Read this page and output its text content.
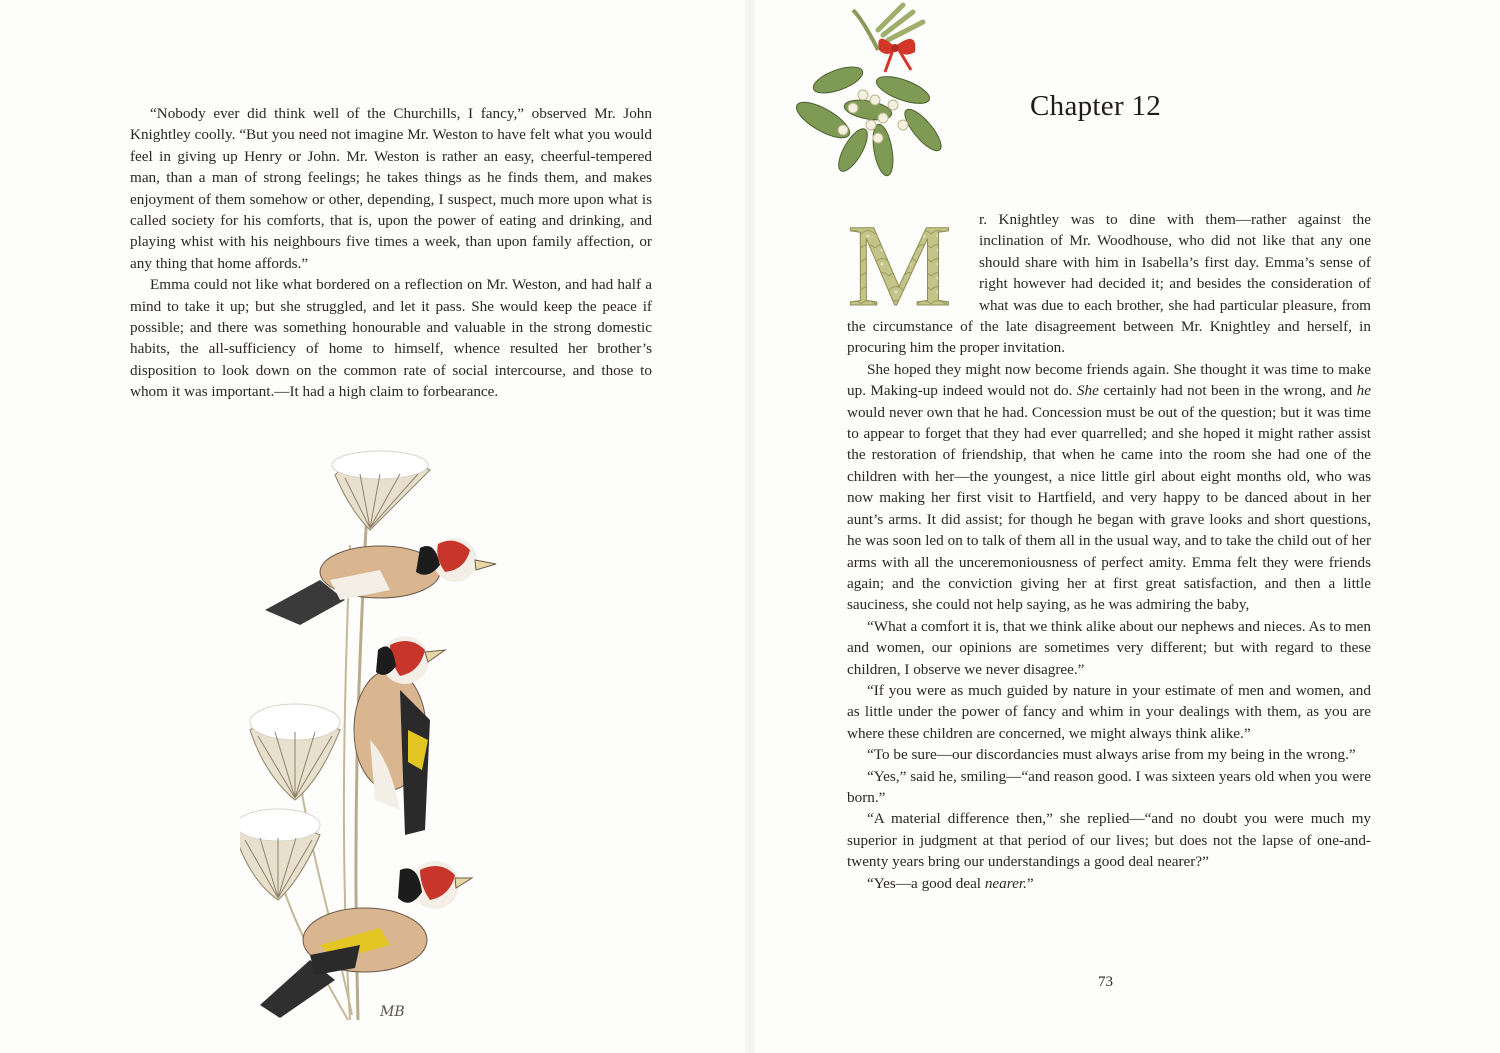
“Nobody ever did think well of the Churchills, I fancy,” observed Mr. John Knightley coolly. “But you need not imagine Mr. Weston to have felt what you would feel in giving up Henry or John. Mr. Weston is rather an easy, cheerful-tempered man, than a man of strong feelings; he takes things as he finds them, and makes enjoyment of them somehow or other, depending, I suspect, much more upon what is called society for his comforts, that is, upon the power of eating and drinking, and playing whist with his neighbours five times a week, than upon family affection, or any thing that home affords.”

Emma could not like what bordered on a reflection on Mr. Weston, and had half a mind to take it up; but she struggled, and let it pass. She would keep the peace if possible; and there was something honourable and valuable in the strong domestic habits, the all-sufficiency of home to himself, whence resulted her brother’s disposition to look down on the common rate of social intercourse, and those to whom it was important.—It had a high claim to forbearance.

MB
Chapter 12

M r. Knightley was to dine with them—rather against the inclination of Mr. Woodhouse, who did not like that any one should share with him in Isabella’s first day. Emma’s sense of right however had decided it; and besides the consideration of what was due to each brother, she had particular pleasure, from the circumstance of the late disagreement between Mr. Knightley and herself, in procuring him the proper invitation.

She hoped they might now become friends again. She thought it was time to make up. Making-up indeed would not do. She certainly had not been in the wrong, and he would never own that he had. Concession must be out of the question; but it was time to appear to forget that they had ever quarrelled; and she hoped it might rather assist the restoration of friendship, that when he came into the room she had one of the children with her—the youngest, a nice little girl about eight months old, who was now making her first visit to Hartfield, and very happy to be danced about in her aunt’s arms. It did assist; for though he began with grave looks and short questions, he was soon led on to talk of them all in the usual way, and to take the child out of her arms with all the unceremoniousness of perfect amity. Emma felt they were friends again; and the conviction giving her at first great satisfaction, and then a little sauciness, she could not help saying, as he was admiring the baby,

“What a comfort it is, that we think alike about our nephews and nieces. As to men and women, our opinions are sometimes very different; but with regard to these children, I observe we never disagree.”

“If you were as much guided by nature in your estimate of men and women, and as little under the power of fancy and whim in your dealings with them, as you are where these children are concerned, we might always think alike.”

“To be sure—our discordancies must always arise from my being in the wrong.”

“Yes,” said he, smiling—“and reason good. I was sixteen years old when you were born.”

“A material difference then,” she replied—“and no doubt you were much my superior in judgment at that period of our lives; but does not the lapse of one-and-twenty years bring our understandings a good deal nearer?”

“Yes—a good deal nearer.”

73
